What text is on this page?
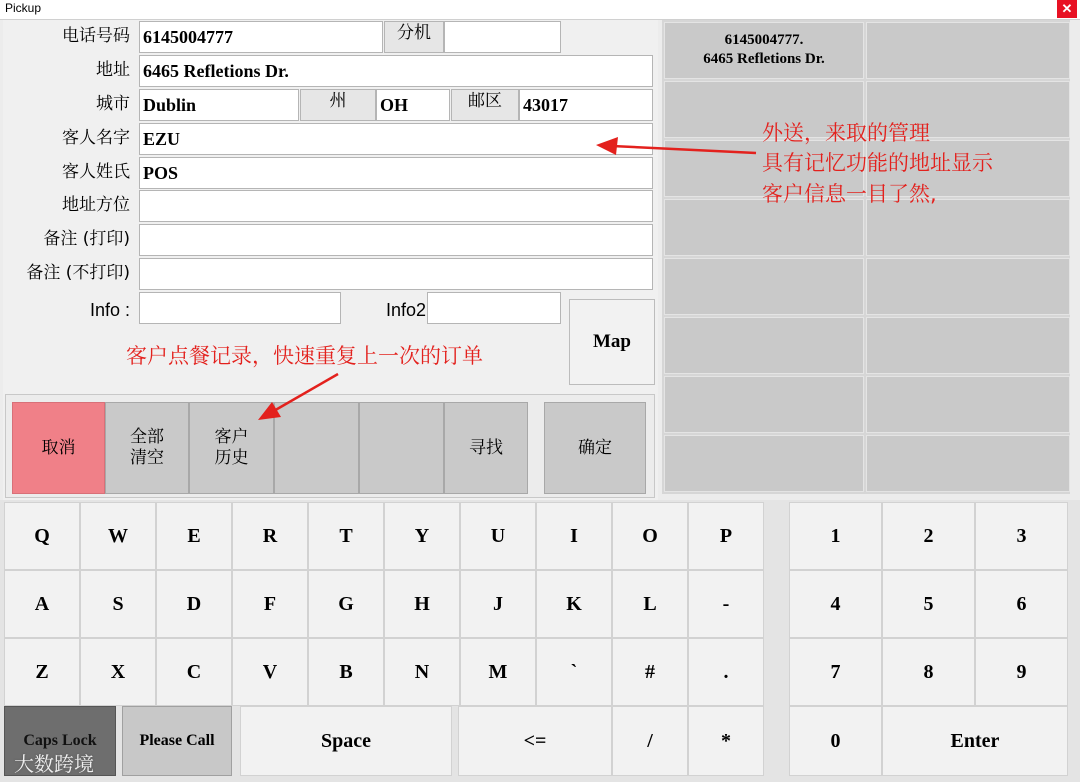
Pickup	✕
电话号码 6145004777	分机
地址 6465 Refletions Dr.
城市 Dublin	州	OH	邮区	43017
客人名字 EZU
客人姓氏 POS
地址方位
备注 (打印)
备注 (不打印)
Info :	Info2
Map
取消
全部
清空
客户
历史
寻找	确定
6145004777.
6465 Refletions Dr.
Q	W	E	R	T	Y	U	I	O	P	1	2	3
A	S	D	F	G	H	J	K	L	-	4	5	6
Z	X	C	V	B	N	M	`	#	.	7	8	9
Caps Lock	Please Call	Space	<=	/	*	0	Enter
外送，来取的管理
具有记忆功能的地址显示
客户信息一目了然,
客户点餐记录，快速重复上一次的订单
大数跨境
